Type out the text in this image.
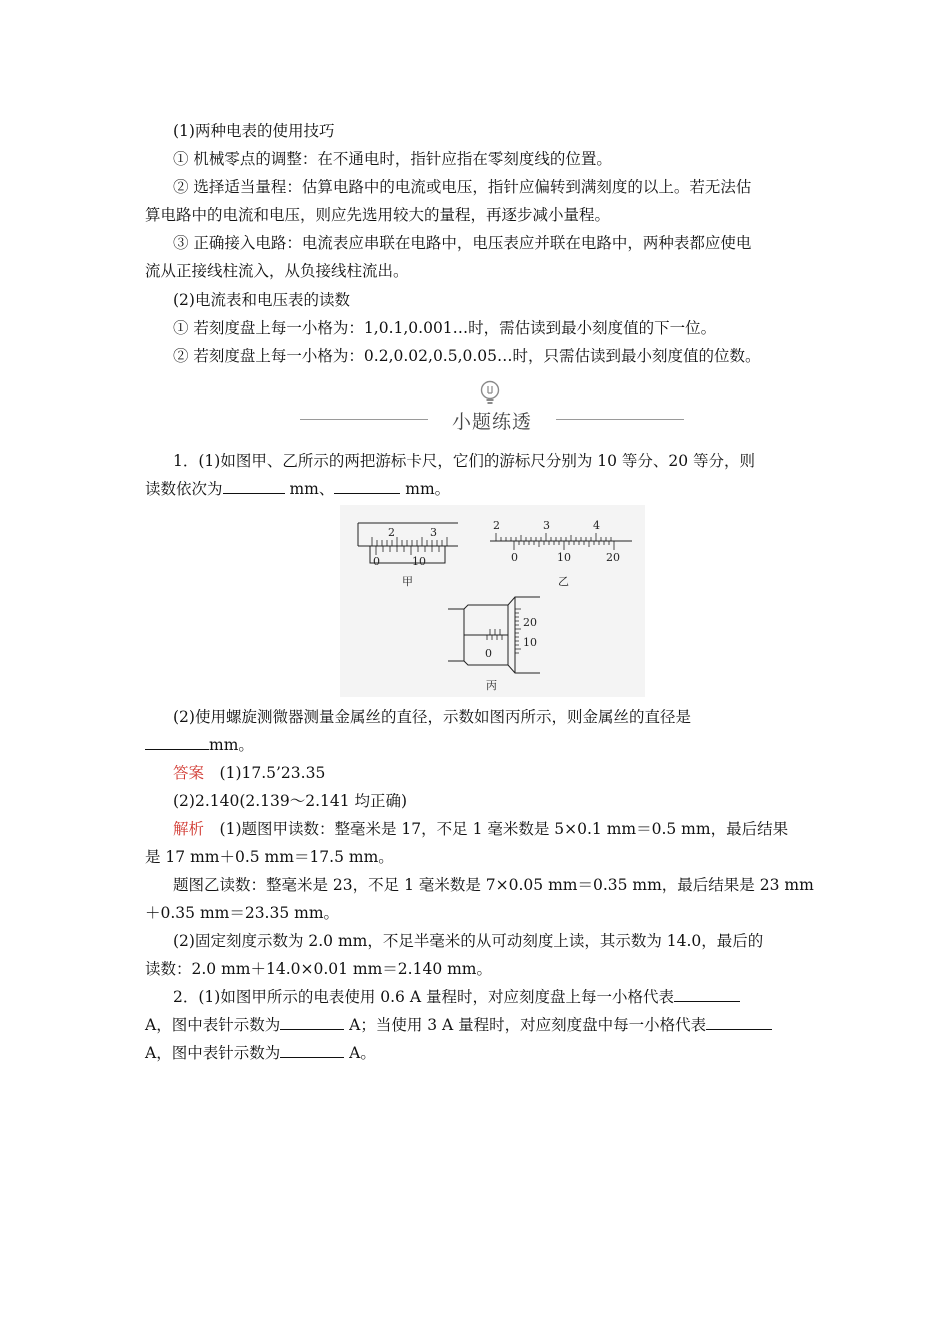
(1)两种电表的使用技巧
① 机械零点的调整：在不通电时，指针应指在零刻度线的位置。
② 选择适当量程：估算电路中的电流或电压，指针应偏转到满刻度的以上。若无法估
算电路中的电流和电压，则应先选用较大的量程，再逐步减小量程。
③ 正确接入电路：电流表应串联在电路中，电压表应并联在电路中，两种表都应使电
流从正接线柱流入，从负接线柱流出。
(2)电流表和电压表的读数
① 若刻度盘上每一小格为：1,0.1,0.001…时，需估读到最小刻度值的下一位。
② 若刻度盘上每一小格为：0.2,0.02,0.5,0.05…时，只需估读到最小刻度值的位数。
小题练透
1．(1)如图甲、乙所示的两把游标卡尺，它们的游标尺分别为 10 等分、20 等分，则
读数依次为	mm、	mm。
2	3
0	10
甲
2	3	4
0	10	20
乙
20
10
0
丙
(2)使用螺旋测微器测量金属丝的直径，示数如图丙所示，则金属丝的直径是
mm。
答案　 (1)17.5’23.35
(2)2.140(2.139～2.141 均正确)
解析　 (1)题图甲读数：整毫米是 17，不足 1 毫米数是 5×0.1 mm＝0.5 mm，最后结果
是 17 mm＋0.5 mm＝17.5 mm。
题图乙读数：整毫米是 23，不足 1 毫米数是 7×0.05 mm＝0.35 mm，最后结果是 23 mm
＋0.35 mm＝23.35 mm。
(2)固定刻度示数为 2.0 mm，不足半毫米的从可动刻度上读，其示数为 14.0，最后的
读数：2.0 mm＋14.0×0.01 mm＝2.140 mm。
2．(1)如图甲所示的电表使用 0.6 A 量程时，对应刻度盘上每一小格代表
A，图中表针示数为	A；当使用 3 A 量程时，对应刻度盘中每一小格代表
A，图中表针示数为	A。
